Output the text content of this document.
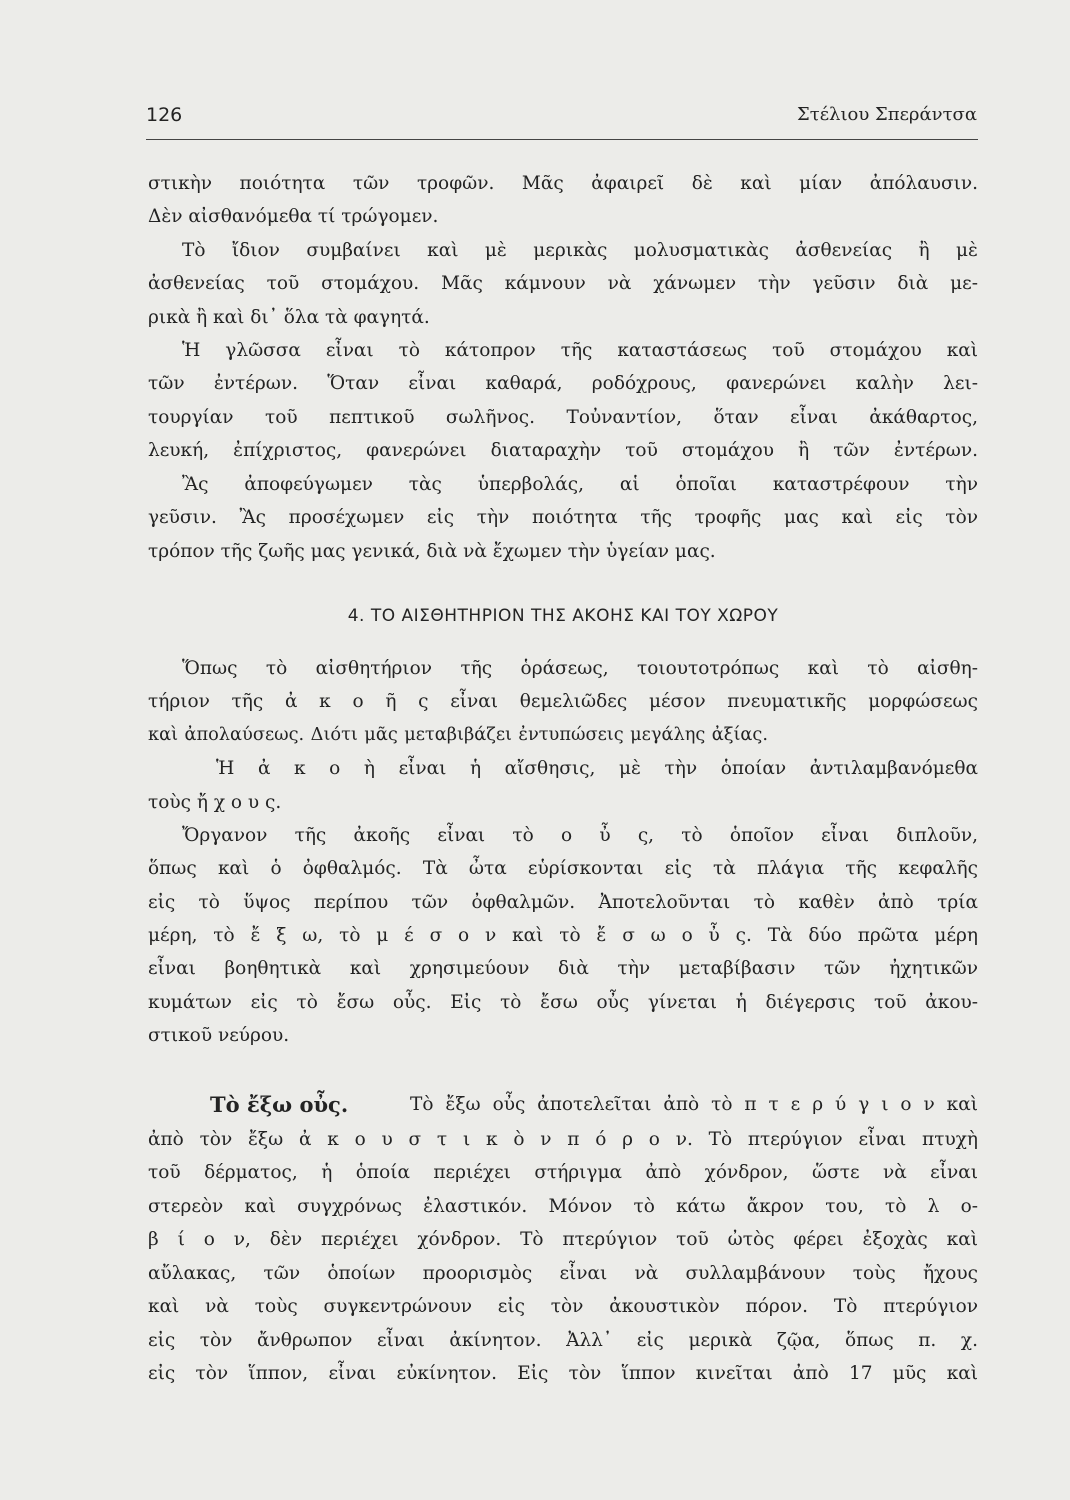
126	Στέλιου Σπεράντσα
στικὴν ποιότητα τῶν τροφῶν. Μᾶς ἀφαιρεῖ δὲ καὶ μίαν ἀπόλαυσιν.
Δὲν αἰσθανόμεθα τί τρώγομεν.
Τὸ ἴδιον συμβαίνει καὶ μὲ μερικὰς μολυσματικὰς ἀσθενείας ἢ μὲ
ἀσθενείας τοῦ στομάχου. Μᾶς κάμνουν νὰ χάνωμεν τὴν γεῦσιν διὰ με-
ρικὰ ἢ καὶ δι᾽ ὅλα τὰ φαγητά.
Ἡ γλῶσσα εἶναι τὸ κάτοπρον τῆς καταστάσεως τοῦ στομάχου καὶ
τῶν ἐντέρων. Ὅταν εἶναι καθαρά, ροδόχρους, φανερώνει καλὴν λει-
τουργίαν τοῦ πεπτικοῦ σωλῆνος. Τοὐναντίον, ὅταν εἶναι ἀκάθαρτος,
λευκή, ἐπίχριστος, φανερώνει διαταραχὴν τοῦ στομάχου ἢ τῶν ἐντέρων.
Ἂς ἀποφεύγωμεν τὰς ὑπερβολάς, αἱ ὁποῖαι καταστρέφουν τὴν
γεῦσιν. Ἂς προσέχωμεν εἰς τὴν ποιότητα τῆς τροφῆς μας καὶ εἰς τὸν
τρόπον τῆς ζωῆς μας γενικά, διὰ νὰ ἔχωμεν τὴν ὑγείαν μας.
4. ΤΟ ΑΙΣΘΗΤΗΡΙΟΝ ΤΗΣ ΑΚΟΗΣ ΚΑΙ ΤΟΥ ΧΩΡΟΥ
Ὅπως τὸ αἰσθητήριον τῆς ὁράσεως, τοιουτοτρόπως καὶ τὸ αἰσθη-
τήριον τῆς ἀ κ ο ῆ ς εἶναι θεμελιῶδες μέσον πνευματικῆς μορφώσεως
καὶ ἀπολαύσεως. Διότι μᾶς μεταβιβάζει ἐντυπώσεις μεγάλης ἀξίας.
Ἡ ἀ κ ο ὴ εἶναι ἡ αἴσθησις, μὲ τὴν ὁποίαν ἀντιλαμβανόμεθα
τοὺς ἤ χ ο υ ς.
Ὄργανον τῆς ἀκοῆς εἶναι τὸ ο ὖ ς, τὸ ὁποῖον εἶναι διπλοῦν,
ὅπως καὶ ὁ ὀφθαλμός. Τὰ ὦτα εὑρίσκονται εἰς τὰ πλάγια τῆς κεφαλῆς
εἰς τὸ ὕψος περίπου τῶν ὀφθαλμῶν. Ἀποτελοῦνται τὸ καθὲν ἀπὸ τρία
μέρη, τὸ ἔ ξ ω, τὸ μ έ σ ο ν καὶ τὸ ἔ σ ω ο ὖ ς. Τὰ δύο πρῶτα μέρη
εἶναι βοηθητικὰ καὶ χρησιμεύουν διὰ τὴν μεταβίβασιν τῶν ἠχητικῶν
κυμάτων εἰς τὸ ἔσω οὖς. Εἰς τὸ ἔσω οὖς γίνεται ἡ διέγερσις τοῦ ἀκου-
στικοῦ νεύρου.
Τὸ ἔξω οὖς.	Τὸ ἔξω οὖς ἀποτελεῖται ἀπὸ τὸ π τ ε ρ ύ γ ι ο ν καὶ
ἀπὸ τὸν ἔξω ἀ κ ο υ σ τ ι κ ὸ ν π ό ρ ο ν. Τὸ πτερύγιον εἶναι πτυχὴ
τοῦ δέρματος, ἡ ὁποία περιέχει στήριγμα ἀπὸ χόνδρον, ὥστε νὰ εἶναι
στερεὸν καὶ συγχρόνως ἐλαστικόν. Μόνον τὸ κάτω ἄκρον του, τὸ λ ο-
β ί ο ν, δὲν περιέχει χόνδρον. Τὸ πτερύγιον τοῦ ὠτὸς φέρει ἐξοχὰς καὶ
αὔλακας, τῶν ὁποίων προορισμὸς εἶναι νὰ συλλαμβάνουν τοὺς ἤχους
καὶ νὰ τοὺς συγκεντρώνουν εἰς τὸν ἀκουστικὸν πόρον. Τὸ πτερύγιον
εἰς τὸν ἄνθρωπον εἶναι ἀκίνητον. Ἀλλ᾽ εἰς μερικὰ ζῷα, ὅπως π. χ.
εἰς τὸν ἵππον, εἶναι εὐκίνητον. Εἰς τὸν ἵππον κινεῖται ἀπὸ 17 μῦς καὶ
